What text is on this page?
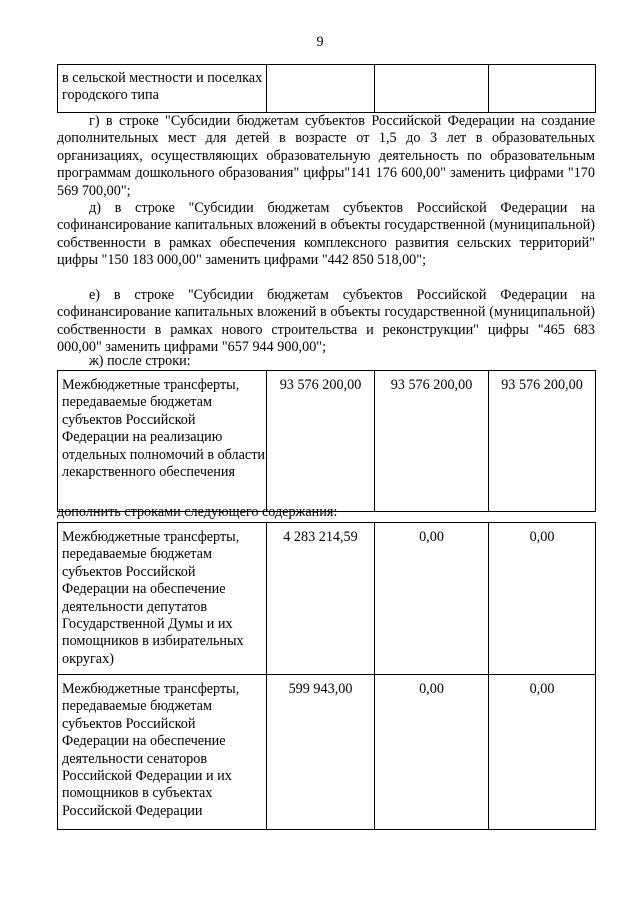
9
в сельской местности и поселках городского типа			
г) в строке "Субсидии бюджетам субъектов Российской Федерации на создание дополнительных мест для детей в возрасте от 1,5 до 3 лет в образовательных организациях, осуществляющих образовательную деятельность по образовательным программам дошкольного образования" цифры"141 176 600,00" заменить цифрами "170 569 700,00";
д) в строке "Субсидии бюджетам субъектов Российской Федерации на софинансирование капитальных вложений в объекты государственной (муниципальной) собственности в рамках обеспечения комплексного развития сельских территорий" цифры "150 183 000,00" заменить цифрами "442 850 518,00";
е) в строке "Субсидии бюджетам субъектов Российской Федерации на софинансирование капитальных вложений в объекты государственной (муниципальной) собственности в рамках нового строительства и реконструкции" цифры "465 683 000,00" заменить цифрами "657 944 900,00";
ж) после строки:
Межбюджетные трансферты, передаваемые бюджетам субъектов Российской Федерации на реализацию отдельных полномочий в области лекарственного обеспечения	93 576 200,00	93 576 200,00	93 576 200,00
дополнить строками следующего содержания:
Межбюджетные трансферты, передаваемые бюджетам субъектов Российской Федерации на обеспечение деятельности депутатов Государственной Думы и их помощников в избирательных округах)	4 283 214,59	0,00	0,00
Межбюджетные трансферты, передаваемые бюджетам субъектов Российской Федерации на обеспечение деятельности сенаторов Российской Федерации и их помощников в субъектах Российской Федерации	599 943,00	0,00	0,00
